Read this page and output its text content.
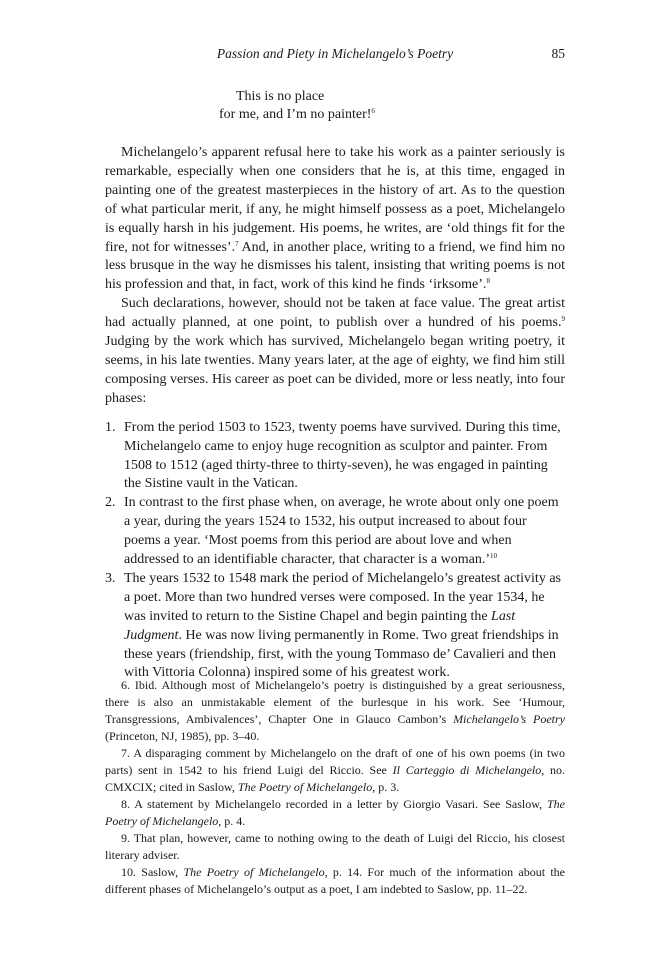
Passion and Piety in Michelangelo’s Poetry	85
This is no place
for me, and I’m no painter!$^6$

Michelangelo’s apparent refusal here to take his work as a painter seriously is remarkable, especially when one considers that he is, at this time, engaged in painting one of the greatest masterpieces in the history of art. As to the question of what particular merit, if any, he might himself possess as a poet, Michelangelo is equally harsh in his judgement. His poems, he writes, are ‘old things fit for the fire, not for witnesses’.$^7$ And, in another place, writing to a friend, we find him no less brusque in the way he dismisses his talent, insisting that writing poems is not his profession and that, in fact, work of this kind he finds ‘irksome’.$^8$

Such declarations, however, should not be taken at face value. The great artist had actually planned, at one point, to publish over a hundred of his poems.$^9$ Judging by the work which has survived, Michelangelo began writing poetry, it seems, in his late twenties. Many years later, at the age of eighty, we find him still composing verses. His career as poet can be divided, more or less neatly, into four phases:

1. From the period 1503 to 1523, twenty poems have survived. During this time, Michelangelo came to enjoy huge recognition as sculptor and painter. From 1508 to 1512 (aged thirty-three to thirty-seven), he was engaged in painting the Sistine vault in the Vatican.
2. In contrast to the first phase when, on average, he wrote about only one poem a year, during the years 1524 to 1532, his output increased to about four poems a year. ‘Most poems from this period are about love and when addressed to an identifiable character, that character is a woman.’$^{10}$
3. The years 1532 to 1548 mark the period of Michelangelo’s greatest activity as a poet. More than two hundred verses were composed. In the year 1534, he was invited to return to the Sistine Chapel and begin painting the Last Judgment. He was now living permanently in Rome. Two great friendships in these years (friendship, first, with the young Tommaso de’ Cavalieri and then with Vittoria Colonna) inspired some of his greatest work.

6. Ibid. Although most of Michelangelo’s poetry is distinguished by a great seriousness, there is also an unmistakable element of the burlesque in his work. See ‘Humour, Transgressions, Ambivalences’, Chapter One in Glauco Cambon’s Michelangelo’s Poetry (Princeton, NJ, 1985), pp. 3–40.

7. A disparaging comment by Michelangelo on the draft of one of his own poems (in two parts) sent in 1542 to his friend Luigi del Riccio. See Il Carteggio di Michelangelo, no. CMXCIX; cited in Saslow, The Poetry of Michelangelo, p. 3.

8. A statement by Michelangelo recorded in a letter by Giorgio Vasari. See Saslow, The Poetry of Michelangelo, p. 4.

9. That plan, however, came to nothing owing to the death of Luigi del Riccio, his closest literary adviser.

10. Saslow, The Poetry of Michelangelo, p. 14. For much of the information about the different phases of Michelangelo’s output as a poet, I am indebted to Saslow, pp. 11–22.
